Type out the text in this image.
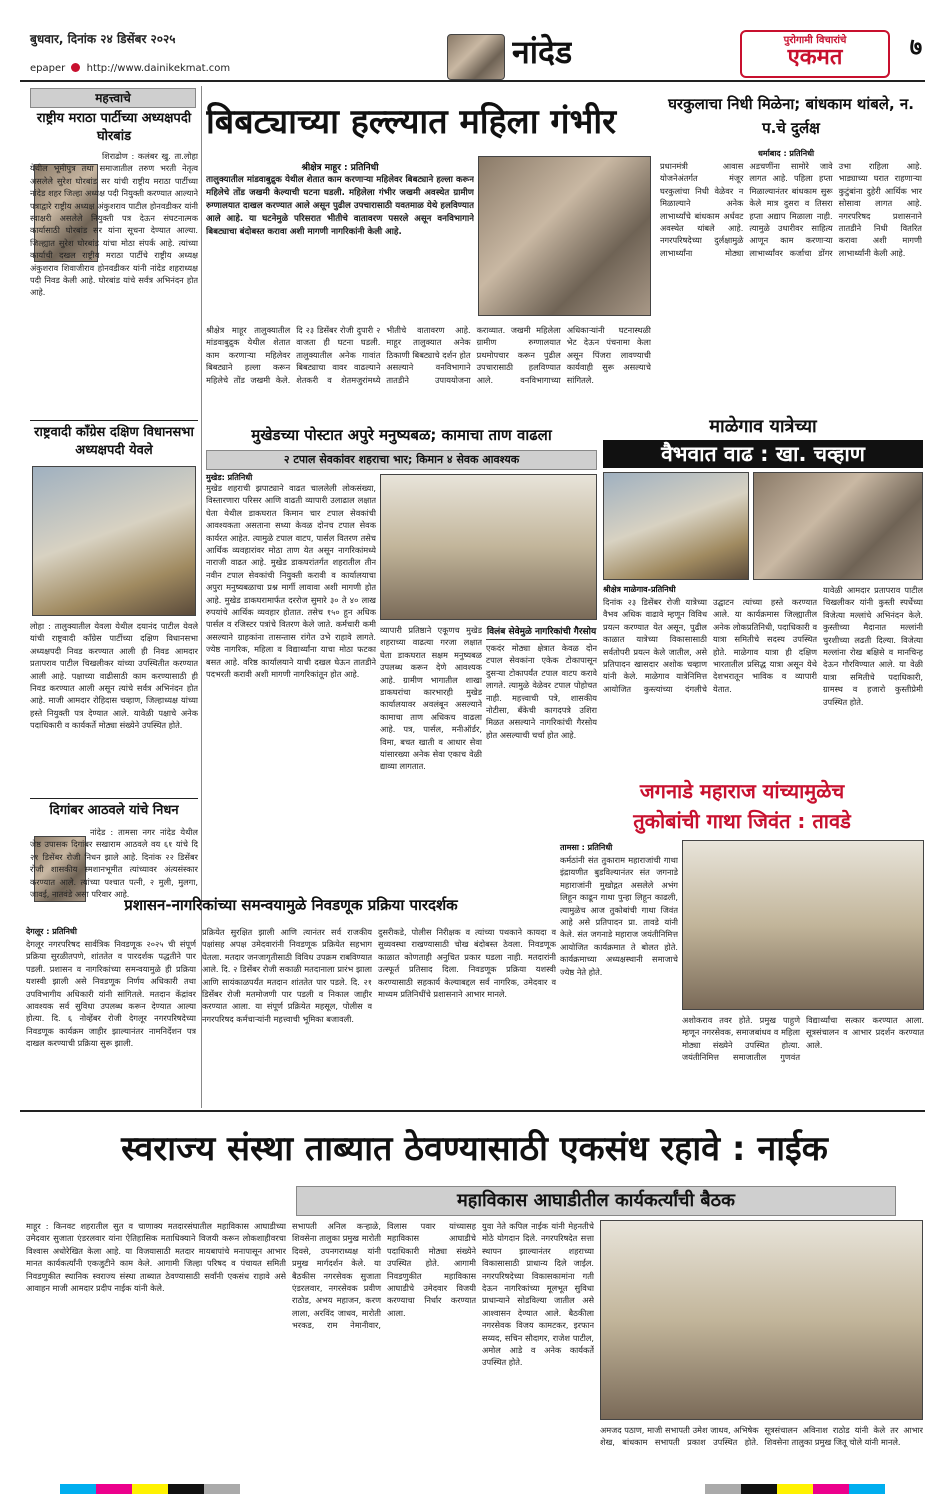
बुधवार, दिनांक २४ डिसेंबर २०२५
epaper http://www.dainikekmat.com	नांदेड	पुरोगामी विचारांचे
एकमत	७
महत्त्वाचे
राष्ट्रीय मराठा पार्टीच्या अध्यक्षपदी घोरबांड
शिराढोण : कलंबर खु. ता.लोहा येथील भूमीपुत्र तथा समाजातील तरुण भरती नेतृत्व असलेले सुरेश घोरबांड सर यांची राष्ट्रीय मराठा पार्टीच्या नांदेड शहर जिल्हा अध्यक्ष पदी नियुक्ती करण्यात आल्याने पत्राद्वारे राष्ट्रीय अध्यक्ष अंकुशराव पाटील होनवडीकर यांनी स्वाक्षरी असलेले नियुक्ती पत्र देऊन संघटनात्मक कार्यासाठी घोरबांड सर यांना सूचना देण्यात आल्या. जिल्ह्यात सुरेश घोरबांड यांचा मोठा संपर्क आहे. त्यांच्या कार्याची दखल राष्ट्रीय मराठा पार्टीचे राष्ट्रीय अध्यक्ष अंकुशराव शिवाजीराव होनवडीकर यांनी नांदेड शहराध्यक्ष पदी निवड केली आहे. घोरबांड यांचे सर्वत्र अभिनंदन होत आहे.
राष्ट्रवादी काँग्रेस दक्षिण विधानसभा अध्यक्षपदी येवले
लोहा : तालुक्यातील येवला येथील दयानंद पाटील येवले यांची राष्ट्रवादी काँग्रेस पार्टीच्या दक्षिण विधानसभा अध्यक्षपदी निवड करण्यात आली ही निवड आमदार प्रतापराव पाटील चिखलीकर यांच्या उपस्थितीत करण्यात आली आहे. पक्षाच्या वाढीसाठी काम करण्यासाठी ही निवड करण्यात आली असून त्यांचे सर्वत्र अभिनंदन होत आहे. माजी आमदार रोहिदास चव्हाण, जिल्हाध्यक्ष यांच्या हस्ते नियुक्ती पत्र देण्यात आले. यावेळी पक्षाचे अनेक पदाधिकारी व कार्यकर्ते मोठ्या संख्येने उपस्थित होते.
दिगांबर आठवले यांचे निधन
नांदेड : तामसा नगर नांदेड येथील जेष्ठ उपासक दिगांबर सखाराम आठवले वय ६१ यांचे दि २१ डिसेंबर रोजी निधन झाले आहे. दिनांक २२ डिसेंबर रोजी शासकीय स्मशानभूमीत त्यांच्यावर अंत्यसंस्कार करण्यात आले. त्यांच्या पश्चात पत्नी, २ मुली, मुलगा, जावई, नातवंडे असा परिवार आहे.
बिबट्याच्या हल्ल्यात महिला गंभीर
श्रीक्षेत्र माहूर : प्रतिनिधी
तालुक्यातील मांडवाबुद्रुक येथील शेतात काम करणाऱ्या महिलेवर बिबट्याने हल्ला करून महिलेचे तोंड जखमी केल्याची घटना घडली. महिलेला गंभीर जखमी अवस्थेत ग्रामीण रुग्णालयात दाखल करण्यात आले असून पुढील उपचारासाठी यवतमाळ येथे हलविण्यात आले आहे. या घटनेमुळे परिसरात भीतीचे वातावरण पसरले असून वनविभागाने बिबट्याचा बंदोबस्त करावा अशी मागणी नागरिकांनी केली आहे.
श्रीक्षेत्र माहूर तालुक्यातील मांडवाबुद्रुक येथील शेतात काम करणाऱ्या महिलेवर बिबट्याने हल्ला करून महिलेचे तोंड जखमी केले. दि २३ डिसेंबर रोजी दुपारी २ वाजता ही घटना घडली. तालुक्यातील अनेक गावांत बिबट्याचा वावर वाढल्याने शेतकरी व शेतमजुरांमध्ये भीतीचे वातावरण आहे. माहूर तालुक्यात अनेक ठिकाणी बिबट्याचे दर्शन होत असल्याने वनविभागाने तातडीने उपाययोजना कराव्यात. जखमी महिलेला ग्रामीण रुग्णालयात प्रथमोपचार करून पुढील उपचारासाठी हलविण्यात आले. वनविभागाच्या अधिकाऱ्यांनी घटनास्थळी भेट देऊन पंचनामा केला असून पिंजरा लावण्याची कार्यवाही सुरू असल्याचे सांगितले.
घरकुलाचा निधी मिळेना; बांधकाम थांबले, न. प.चे दुर्लक्ष
धर्माबाद : प्रतिनिधी
प्रधानमंत्री आवास योजनेअंतर्गत मंजूर घरकुलांचा निधी वेळेवर न मिळाल्याने अनेक लाभार्थ्यांचे बांधकाम अर्धवट अवस्थेत थांबले आहे. नगरपरिषदेच्या दुर्लक्षामुळे लाभार्थ्यांना मोठ्या अडचणींना सामोरे जावे लागत आहे. पहिला हप्ता मिळाल्यानंतर बांधकाम सुरू केले मात्र दुसरा व तिसरा हप्ता अद्याप मिळाला नाही. त्यामुळे उधारीवर साहित्य आणून काम करणाऱ्या लाभार्थ्यांवर कर्जाचा डोंगर उभा राहिला आहे. भाड्याच्या घरात राहणाऱ्या कुटुंबांना दुहेरी आर्थिक भार सोसावा लागत आहे. नगरपरिषद प्रशासनाने तातडीने निधी वितरित करावा अशी मागणी लाभार्थ्यांनी केली आहे.
मुखेडच्या पोस्टात अपुरे मनुष्यबळ; कामाचा ताण वाढला
२ टपाल सेवकांवर शहराचा भार; किमान ४ सेवक आवश्यक
मुखेड: प्रतिनिधी
मुखेड शहराची झपाट्याने वाढत चाललेली लोकसंख्या, विस्तारणारा परिसर आणि वाढती व्यापारी उलाढाल लक्षात घेता येथील डाकघरात किमान चार टपाल सेवकांची आवश्यकता असताना सध्या केवळ दोनच टपाल सेवक कार्यरत आहेत. त्यामुळे टपाल वाटप, पार्सल वितरण तसेच आर्थिक व्यवहारांवर मोठा ताण येत असून नागरिकांमध्ये नाराजी वाढत आहे. मुखेड डाकघरांतर्गत शहरातील तीन नवीन टपाल सेवकांची नियुक्ती करावी व कार्यालयाचा अपुरा मनुष्यबळाचा प्रश्न मार्गी लावावा अशी मागणी होत आहे. मुखेड डाकघरामार्फत दररोज सुमारे ३० ते ४० लाख रुपयांचे आर्थिक व्यवहार होतात. तसेच १५० हून अधिक पार्सल व रजिस्टर पत्रांचे वितरण केले जाते. कर्मचारी कमी असल्याने ग्राहकांना तासन्तास रांगेत उभे राहावे लागते. ज्येष्ठ नागरिक, महिला व विद्यार्थ्यांना याचा मोठा फटका बसत आहे. वरिष्ठ कार्यालयाने याची दखल घेऊन तातडीने पदभरती करावी अशी मागणी नागरिकांतून होत आहे.
व्यापारी प्रतिष्ठाने एकूणच मुखेड शहराच्या वाढत्या गरजा लक्षात घेता डाकघरात सक्षम मनुष्यबळ उपलब्ध करून देणे आवश्यक आहे. ग्रामीण भागातील शाखा डाकघरांचा कारभारही मुखेड कार्यालयावर अवलंबून असल्याने कामाचा ताण अधिकच वाढला आहे. पत्र, पार्सल, मनीऑर्डर, विमा, बचत खाती व आधार सेवा यांसारख्या अनेक सेवा एकाच वेळी द्याव्या लागतात.
विलंब सेवेमुळे नागरिकांची गैरसोय
एकदंर मोठ्या क्षेत्रात केवळ दोन टपाल सेवकांना एकेक टोकापासून दुसऱ्या टोकापर्यंत टपाल वाटप करावे लागते. त्यामुळे वेळेवर टपाल पोहोचत नाही. महत्त्वाची पत्रे, शासकीय नोटीसा, बँकेची कागदपत्रे उशिरा मिळत असल्याने नागरिकांची गैरसोय होत असल्याची चर्चा होत आहे.
माळेगाव यात्रेच्या
वैभवात वाढ : खा. चव्हाण
श्रीक्षेत्र माळेगाव-प्रतिनिधी
दिनांक २३ डिसेंबर रोजी यात्रेच्या वैभव अधिक वाढावे म्हणून विविध प्रयत्न करण्यात येत असून, पुढील काळात यात्रेच्या विकासासाठी सर्वतोपरी प्रयत्न केले जातील, असे प्रतिपादन खासदार अशोक चव्हाण यांनी केले. माळेगाव यात्रेनिमित्त आयोजित कुस्त्यांच्या दंगलीचे उद्घाटन त्यांच्या हस्ते करण्यात आले. या कार्यक्रमास जिल्ह्यातील अनेक लोकप्रतिनिधी, पदाधिकारी व यात्रा समितीचे सदस्य उपस्थित होते. माळेगाव यात्रा ही दक्षिण भारतातील प्रसिद्ध यात्रा असून येथे देशभरातून भाविक व व्यापारी येतात.
यावेळी आमदार प्रतापराव पाटील चिखलीकर यांनी कुस्ती स्पर्धेच्या विजेत्या मल्लांचे अभिनंदन केले. कुस्तीच्या मैदानात मल्लांनी चुरशीच्या लढती दिल्या. विजेत्या मल्लांना रोख बक्षिसे व मानचिन्ह देऊन गौरविण्यात आले. या वेळी यात्रा समितीचे पदाधिकारी, ग्रामस्थ व हजारो कुस्तीप्रेमी उपस्थित होते.
जगनाडे महाराज यांच्यामुळेच
तुकोबांची गाथा जिवंत : तावडे
तामसा : प्रतिनिधी
कर्मठांनी संत तुकाराम महाराजांची गाथा इंद्रायणीत बुडविल्यानंतर संत जगनाडे महाराजांनी मुखोद्गत असलेले अभंग लिहून काढून गाथा पुन्हा लिहून काढली, त्यामुळेच आज तुकोबांची गाथा जिवंत आहे असे प्रतिपादन प्रा. तावडे यांनी केले. संत जगनाडे महाराज जयंतीनिमित्त आयोजित कार्यक्रमात ते बोलत होते. कार्यक्रमाच्या अध्यक्षस्थानी समाजाचे ज्येष्ठ नेते होते.
अशोकराव तवर होते. प्रमुख पाहुणे म्हणून नगरसेवक, समाजबांधव व महिला मोठ्या संख्येने उपस्थित होत्या. जयंतीनिमित्त समाजातील गुणवंत विद्यार्थ्यांचा सत्कार करण्यात आला. सूत्रसंचालन व आभार प्रदर्शन करण्यात आले.
प्रशासन-नागरिकांच्या समन्वयामुळे निवडणूक प्रक्रिया पारदर्शक
देगलूर : प्रतिनिधी
देगलूर नगरपरिषद सार्वत्रिक निवडणूक २०२५ ची संपूर्ण प्रक्रिया सुरळीतपणे, शांततेत व पारदर्शक पद्धतीने पार पडली. प्रशासन व नागरिकांच्या समन्वयामुळे ही प्रक्रिया यशस्वी झाली असे निवडणूक निर्णय अधिकारी तथा उपविभागीय अधिकारी यांनी सांगितले. मतदान केंद्रांवर आवश्यक सर्व सुविधा उपलब्ध करून देण्यात आल्या होत्या. दि. ६ नोव्हेंबर रोजी देगलूर नगरपरिषदेच्या निवडणूक कार्यक्रम जाहीर झाल्यानंतर नामनिर्देशन पत्र दाखल करण्याची प्रक्रिया सुरू झाली.
प्रक्रियेत सुरक्षित झाली आणि त्यानंतर सर्व राजकीय पक्षांसह अपक्ष उमेदवारांनी निवडणूक प्रक्रियेत सहभाग घेतला. मतदार जनजागृतीसाठी विविध उपक्रम राबविण्यात आले. दि. २ डिसेंबर रोजी सकाळी मतदानाला प्रारंभ झाला आणि सायंकाळपर्यंत मतदान शांततेत पार पडले. दि. २१ डिसेंबर रोजी मतमोजणी पार पडली व निकाल जाहीर करण्यात आला. या संपूर्ण प्रक्रियेत महसूल, पोलीस व नगरपरिषद कर्मचाऱ्यांनी महत्त्वाची भूमिका बजावली.
दुसरीकडे, पोलीस निरीक्षक व त्यांच्या पथकाने कायदा व सुव्यवस्था राखण्यासाठी चोख बंदोबस्त ठेवला. निवडणूक काळात कोणताही अनुचित प्रकार घडला नाही. मतदारांनी उत्स्फूर्त प्रतिसाद दिला. निवडणूक प्रक्रिया यशस्वी करण्यासाठी सहकार्य केल्याबद्दल सर्व नागरिक, उमेदवार व माध्यम प्रतिनिधींचे प्रशासनाने आभार मानले.
स्वराज्य संस्था ताब्यात ठेवण्यासाठी एकसंध रहावे : नाईक
महाविकास आघाडीतील कार्यकर्त्यांची बैठक
माहूर : किनवट शहरातील सुत व चाणाक्य मतदारसंघातील महाविकास आघाडीच्या उमेदवार सुजाता एंडरलवार यांना ऐतिहासिक मताधिक्याने विजयी करून लोकशाहीवरचा विश्वास अधोरेखित केला आहे. या विजयासाठी मतदार मायबापांचे मनापासून आभार मानत कार्यकर्त्यांनी एकजुटीने काम केले. आगामी जिल्हा परिषद व पंचायत समिती निवडणुकीत स्थानिक स्वराज्य संस्था ताब्यात ठेवण्यासाठी सर्वांनी एकसंध राहावे असे आवाहन माजी आमदार प्रदीप नाईक यांनी केले.
सभापती अनिल कऱ्हाळे, शिवसेना तालुका प्रमुख मारोती दिवसे, उपनगराध्यक्ष यांनी प्रमुख मार्गदर्शन केले. या बैठकीस नगरसेवक सुजाता एंडरलवार, नगरसेवक प्रवीण राठोड, अभय महाजन, करण लाला, अरविंद जाधव, मारोती भरकड, राम नेमानीवार, विलास पवार यांच्यासह महाविकास आघाडीचे पदाधिकारी मोठ्या संख्येने उपस्थित होते. आगामी निवडणुकीत महाविकास आघाडीचे उमेदवार विजयी करण्याचा निर्धार करण्यात आला.
युवा नेते कपिल नाईक यांनी मेहनतीचे मोठे योगदान दिले. नगरपरिषदेत सत्ता स्थापन झाल्यानंतर शहराच्या विकासासाठी प्राधान्य दिले जाईल. नगरपरिषदेच्या विकासकामांना गती देऊन नागरिकांच्या मूलभूत सुविधा प्राधान्याने सोडविल्या जातील असे आश्वासन देण्यात आले. बैठकीला नगरसेवक विजय कामटकर, इरफान सय्यद, सचिन सौदागर, राजेश पाटील, अमोल आडे व अनेक कार्यकर्ते उपस्थित होते.
अमजद पठाण, माजी सभापती उमेश जाधव, अभिषेक शेख, बांधकाम सभापती प्रकाश उपस्थित होते. सूत्रसंचालन अविनाश राठोड यांनी केले तर आभार शिवसेना तालुका प्रमुख जितू चोले यांनी मानले.
